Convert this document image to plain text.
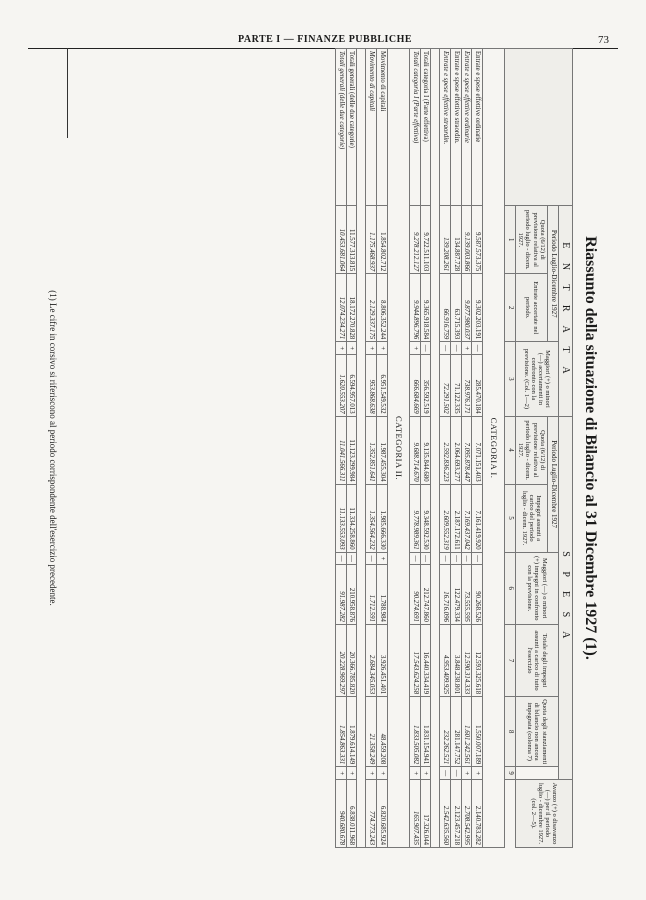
PARTE I — FINANZE PUBBLICHE	73
Riassunto della situazione di Bilancio al 31 Dicembre 1927 (1).
	E N T R A T A				S P E S A							Avanzo (+) o disavanzo (—) per il periodo luglio - dicembre 1927. (col. 2—5).
	Periodo Luglio-Dicembre 1927		Maggiori (+) o minori (—) accertamenti in confronto con la previsione. (Col. 1—2)		Periodo Luglio-Dicembre 1927		Maggiori (—) o minori (+) impegni in confronto con la previsione.		Totale degli impegni assunti a carico di tutto l'esercizio	Quota degli stanziamenti di bilancio non ancora impegnata (colonna 7)		
	Quota (6/12) di previsione relativa al periodo luglio - dicem. 1927.	Entrate accertate nel periodo.			Quota (6/12) di previsione relativa al periodo luglio - dicem. 1927.	Impegni assunti a carico del periodo luglio - dicem. 1927.						
	1	2	3		4	5	6		7	8	9	
CATEGORIA I.												
Entrate e spese effettive ordinarie	9.587.573.375	9.302.203.191	—	285.470.184	7.071.151.403	7.161.419.920	—	90.268.526	12.593.325.618	1.550.007.189	+	2.140.783.282
Entrate e spese effettive ordinarie	9.139.003.866	9.877.980.037	+	738.976.171	7.095.878.447	7.169.437.042	—	73.555.595	12.590.314.333	1.601.242.561	+	2.708.542.995
Entrate e spese effettive straordin.	134.887.728	63.715.393	—	71.122.335	2.064.693.277	2.187.172.611	—	122.479.334	3.848.238.801	281.147.752	—	2.123.457.218
Entrate e spese effettive straordin.	139.208.261	66.916.759	—	72.291.502	2.592.836.223	2.609.552.319	—	16.716.096	4.953.409.925	232.262.521	—	2.542.635.560

Totali categoria I (Parte effettiva)	9.722.511.103	9.365.918.584	—	356.592.519	9.135.844.680	9.348.592.530	—	212.747.860	16.440.334.419	1.831.154.941	+	17.326.044
Totali categoria I (Parte effettiva)	9.278.212.127	9.944.896.796	+	666.684.669	9.688.714.670	9.778.989.361	—	90.274.691	17.543.624.258	1.833.505.082	+	165.907.435
CATEGORIA II.												
Movimento di capitali	1.854.802.712	8.806.352.244	+	6.951.549.532	1.987.455.304	1.985.666.330	+	1.788.984	3.926.451.401	48.459.208	+	6.820.685.924
Movimento di capitali	1.175.468.937	2.129.337.175	+	953.868.638	1.352.851.641	1.354.564.232	—	1.712.591	2.684.345.053	21.358.249	+	774.773.243

Totali generali (delle due categorie)	11.577.313.815	18.172.270.828	+	6.594.957.013	11.123.299.984	11.334.258.860	—	210.958.876	20.366.785.820	1.879.614.149	+	6.838.011.968
Totali generali (delle due categorie)	10.453.681.064	12.074.234.271	+	1.620.553.207	11.041.566.311	11.133.553.093	—	91.987.282	20.228.969.297	1.854.863.331	+	940.680.678
(1) Le cifre in corsivo si riferiscono al periodo corrispondente dell'esercizio precedente.
